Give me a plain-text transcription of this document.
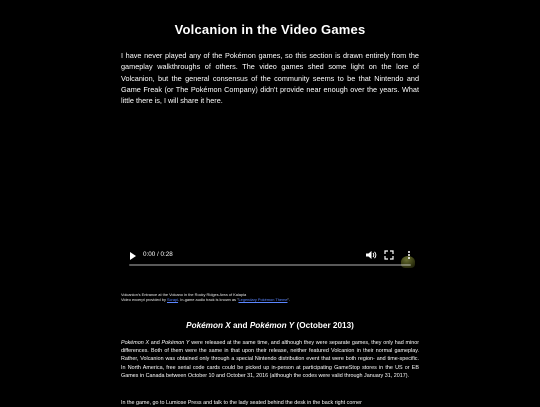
Volcanion in the Video Games
I have never played any of the Pokémon games, so this section is drawn entirely from the gameplay walkthroughs of others. The video games shed some light on the lore of Volcanion, but the general consensus of the community seems to be that Nintendo and Game Freak (or The Pokémon Company) didn't provide near enough over the years. What little there is, I will share it here.
0:00 / 0:28
Volcanion's Entrance at the Volcano in the Rocky Ridges Area of Kalapia
Video excerpt provided by Scrapi. In-game audio track is known as "Legendary Pokémon Theme".
Pokémon X and Pokémon Y (October 2013)
Pokémon X and Pokémon Y were released at the same time, and although they were separate games, they only had minor differences. Both of them were the same in that upon their release, neither featured Volcanion in their normal gameplay. Rather, Volcanion was obtained only through a special Nintendo distribution event that were both region- and time-specific. In North America, free serial code cards could be picked up in-person at participating GameStop stores in the US or EB Games in Canada between October 10 and October 31, 2016 (although the codes were valid through January 31, 2017).
In the game, go to Lumiose Press and talk to the lady seated behind the desk in the back right corner
